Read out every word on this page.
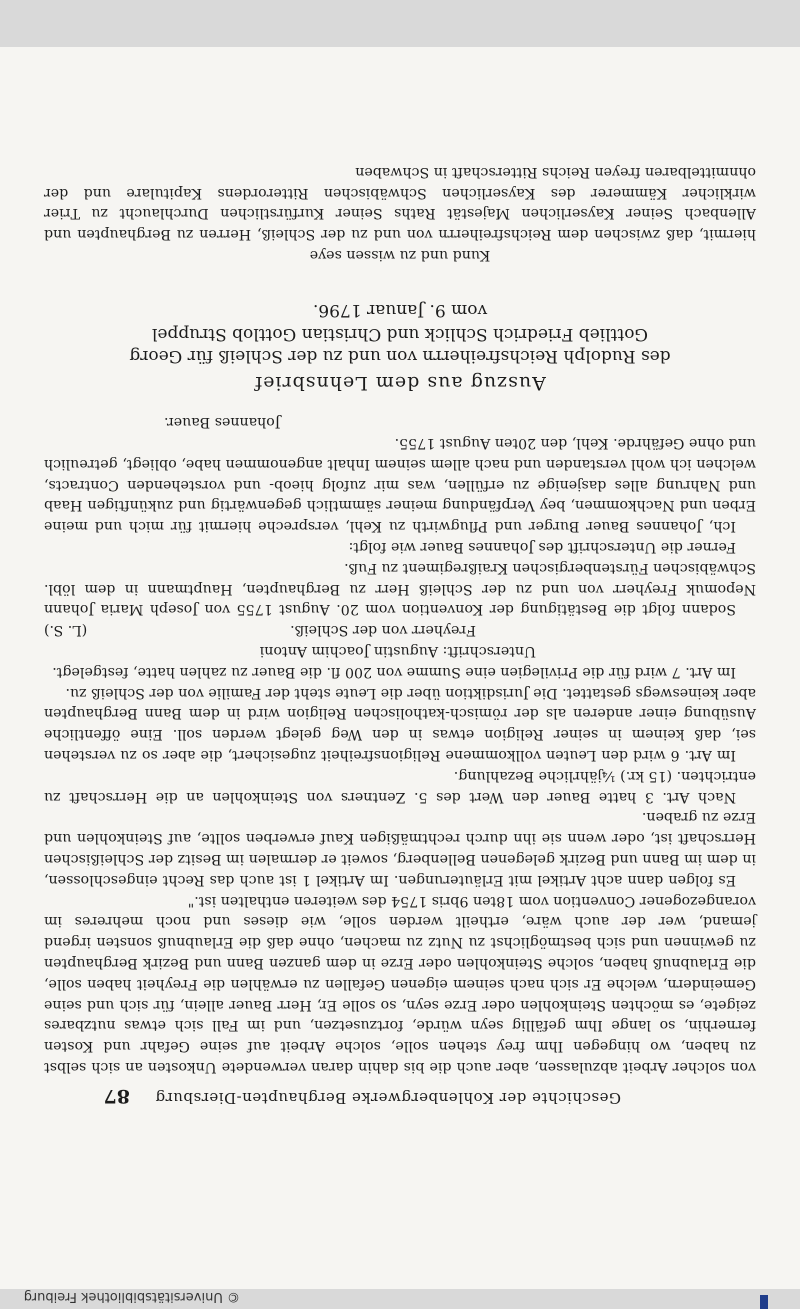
© Universitätsbibliothek Freiburg
Geschichte der Kohlenbergwerke Berghaupten-Diersburg
87

von solcher Arbeit abzulassen, aber auch die bis dahin daran verwendete Unkosten an sich selbst zu haben, wo hingegen Ihm frey stehen solle, solche Arbeit auf seine Gefahr und Kosten fernerhin, so lange Ihm gefällig seyn würde, fortzusetzen, und im Fall sich etwas nutzbares zeigete, es möchten Steinkohlen oder Erze seyn, so solle Er, Herr Bauer allein, für sich und seine Gemeindern, welche Er sich nach seinem eigenen Gefallen zu erwählen die Freyheit haben solle, die Erlaubnuß haben, solche Steinkohlen oder Erze in dem ganzen Bann und Bezirk Berghaupten zu gewinnen und sich bestmöglichst zu Nutz zu machen, ohne daß die Erlaubnuß sonsten irgend jemand, wer der auch wäre, ertheilt werden solle, wie dieses und noch mehreres im vorangezogener Convention vom 18ten 9bris 1754 des weiteren enthalten ist."

Es folgen dann acht Artikel mit Erläuterungen. Im Artikel 1 ist auch das Recht eingeschlossen, in dem im Bann und Bezirk gelegenen Bellenberg, soweit er dermalen im Besitz der Schleißischen Herrschaft ist, oder wenn sie ihn durch rechtmäßigen Kauf erwerben sollte, auf Steinkohlen und Erze zu graben.

Nach Art. 3 hatte Bauer den Wert des 5. Zentners von Steinkohlen an die Herrschaft zu entrichten. (15 kr.) ¼jährliche Bezahlung.

Im Art. 6 wird den Leuten vollkommene Religionsfreiheit zugesichert, die aber so zu verstehen sei, daß keinem in seiner Religion etwas in den Weg gelegt werden soll. Eine öffentliche Ausübung einer anderen als der römisch-katholischen Religion wird in dem Bann Berghaupten aber keineswegs gestattet. Die Jurisdiktion über die Leute steht der Familie von der Schleiß zu.

Im Art. 7 wird für die Privilegien eine Summe von 200 fl. die Bauer zu zahlen hatte, festgelegt.

Unterschrift: Augustin Joachim Antoni
Freyherr von der Schleiß.
(L. S.)

Sodann folgt die Bestätigung der Konvention vom 20. August 1755 von Joseph Maria Johann Nepomuk Freyherr von und zu der Schleiß Herr zu Berghaupten, Hauptmann in dem löbl. Schwäbischen Fürstenbergischen Kraißregiment zu Fuß.

Ferner die Unterschrift des Johannes Bauer wie folgt:

Ich, Johannes Bauer Burger und Pflugwirth zu Kehl, verspreche hiermit für mich und meine Erben und Nachkommen, bey Verpfändung meiner sämmtlich gegenwärtig und zukünftigen Haab und Nahrung alles dasjenige zu erfüllen, was mir zufolg hieob- und vorstehenden Contracts, welchen ich wohl verstanden und nach allem seinem Inhalt angenommen habe, obliegt, getreulich und ohne Gefährde. Kehl, den 20ten August 1755.

Johannes Bauer.

Auszug aus dem Lehnsbrief
des Rudolph Reichsfreiherrn von und zu der Schleiß für Georg
Gottlieb Friedrich Schlick und Christian Gottlob Struppel
vom 9. Januar 1796.

Kund und zu wissen seye

hiermit, daß zwischen dem Reichsfreiherrn von und zu der Schleiß, Herren zu Berghaupten und Allenbach Seiner Kayserlichen Majestät Raths Seiner Kurfürstlichen Durchlaucht zu Trier wirklicher Kämmerer des Kayserlichen Schwäbischen Ritterordens Kapitulare und der ohnmittelbaren freyen Reichs Ritterschaft in Schwaben
